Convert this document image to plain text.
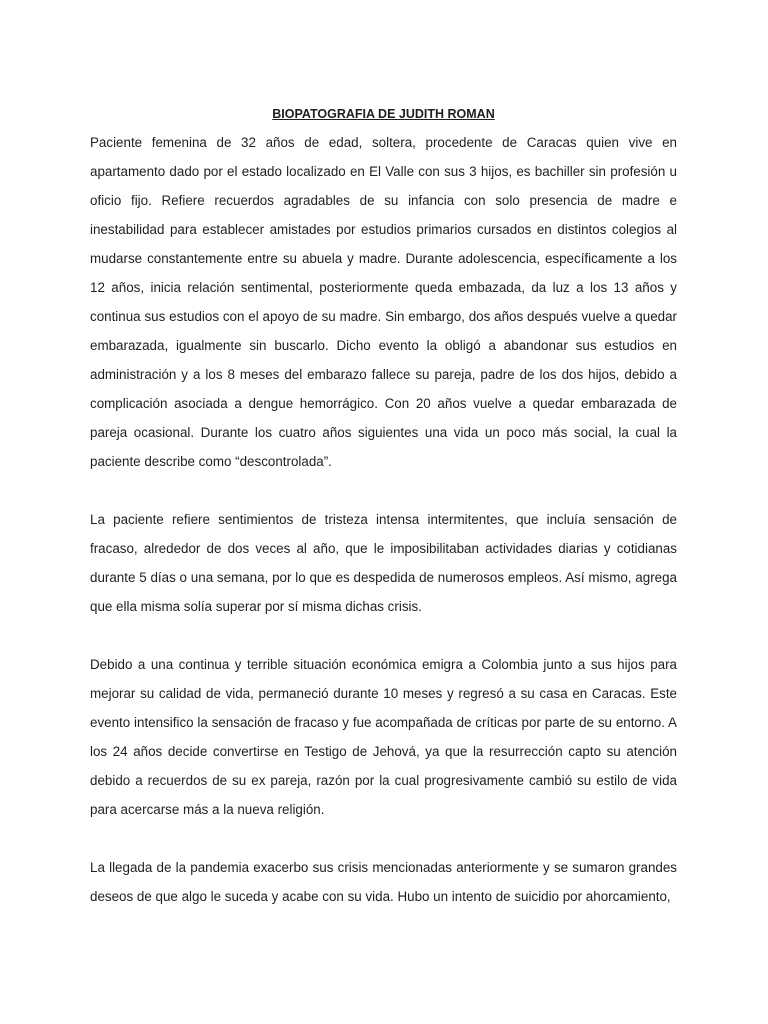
BIOPATOGRAFIA DE JUDITH ROMAN

Paciente femenina de 32 años de edad, soltera, procedente de Caracas quien vive en apartamento dado por el estado localizado en El Valle con sus 3 hijos, es bachiller sin profesión u oficio fijo. Refiere recuerdos agradables de su infancia con solo presencia de madre e inestabilidad para establecer amistades por estudios primarios cursados en distintos colegios al mudarse constantemente entre su abuela y madre. Durante adolescencia, específicamente a los 12 años, inicia relación sentimental, posteriormente queda embazada, da luz a los 13 años y continua sus estudios con el apoyo de su madre. Sin embargo, dos años después vuelve a quedar embarazada, igualmente sin buscarlo. Dicho evento la obligó a abandonar sus estudios en administración y a los 8 meses del embarazo fallece su pareja, padre de los dos hijos, debido a complicación asociada a dengue hemorrágico. Con 20 años vuelve a quedar embarazada de pareja ocasional. Durante los cuatro años siguientes una vida un poco más social, la cual la paciente describe como “descontrolada”.

La paciente refiere sentimientos de tristeza intensa intermitentes, que incluía sensación de fracaso, alrededor de dos veces al año, que le imposibilitaban actividades diarias y cotidianas durante 5 días o una semana, por lo que es despedida de numerosos empleos. Así mismo, agrega que ella misma solía superar por sí misma dichas crisis.

Debido a una continua y terrible situación económica emigra a Colombia junto a sus hijos para mejorar su calidad de vida, permaneció durante 10 meses y regresó a su casa en Caracas. Este evento intensifico la sensación de fracaso y fue acompañada de críticas por parte de su entorno. A los 24 años decide convertirse en Testigo de Jehová, ya que la resurrección capto su atención debido a recuerdos de su ex pareja, razón por la cual progresivamente cambió su estilo de vida para acercarse más a la nueva religión.

La llegada de la pandemia exacerbo sus crisis mencionadas anteriormente y se sumaron grandes deseos de que algo le suceda y acabe con su vida. Hubo un intento de suicidio por ahorcamiento,
